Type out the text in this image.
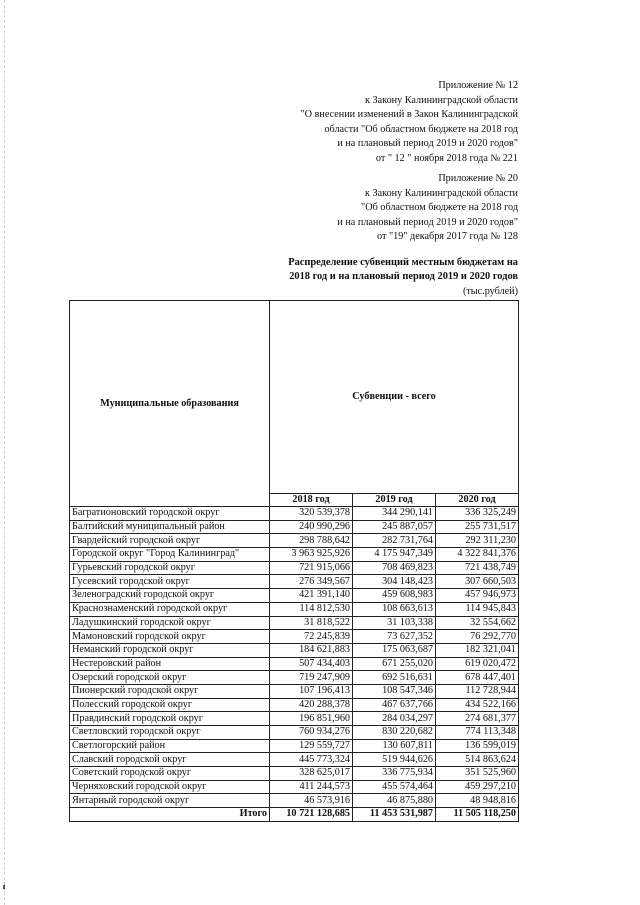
Приложение № 12
к Закону Калининградской области
"О внесении изменений в Закон Калининградской
области "Об областном бюджете на 2018 год
и на плановый период 2019 и 2020 годов"
от " 12 " ноября 2018 года № 221
Приложение № 20
к Закону Калининградской области
"Об областном бюджете на 2018 год
и на плановый период 2019 и 2020 годов"
от "19" декабря 2017 года № 128
Распределение субвенций местным бюджетам на
2018 год и на плановый период 2019 и 2020 годов
(тыс.рублей)
Муниципальные образования	Субвенции - всего		
	2018 год	2019 год	2020 год
Багратионовский городской округ	320 539,378	344 290,141	336 325,249
Балтийский муниципальный район	240 990,296	245 887,057	255 731,517
Гвардейский городской округ	298 788,642	282 731,764	292 311,230
Городской округ "Город Калининград"	3 963 925,926	4 175 947,349	4 322 841,376
Гурьевский городской округ	721 915,066	708 469,823	721 438,749
Гусевский городской округ	276 349,567	304 148,423	307 660,503
Зеленоградский городской округ	421 391,140	459 608,983	457 946,973
Краснознаменский городской округ	114 812,530	108 663,613	114 945,843
Ладушкинский городской округ	31 818,522	31 103,338	32 554,662
Мамоновский городской округ	72 245,839	73 627,352	76 292,770
Неманский городской округ	184 621,883	175 063,687	182 321,041
Нестеровский район	507 434,403	671 255,020	619 020,472
Озерский городской округ	719 247,909	692 516,631	678 447,401
Пионерский городской округ	107 196,413	108 547,346	112 728,944
Полесский городской округ	420 288,378	467 637,766	434 522,166
Правдинский городской округ	196 851,960	284 034,297	274 681,377
Светловский городской округ	760 934,276	830 220,682	774 113,348
Светлогорский район	129 559,727	130 607,811	136 599,019
Славский городской округ	445 773,324	519 944,626	514 863,624
Советский городской округ	328 625,017	336 775,934	351 525,960
Черняховский городской округ	411 244,573	455 574,464	459 297,210
Янтарный городской округ	46 573,916	46 875,880	48 948,816
Итого	10 721 128,685	11 453 531,987	11 505 118,250
